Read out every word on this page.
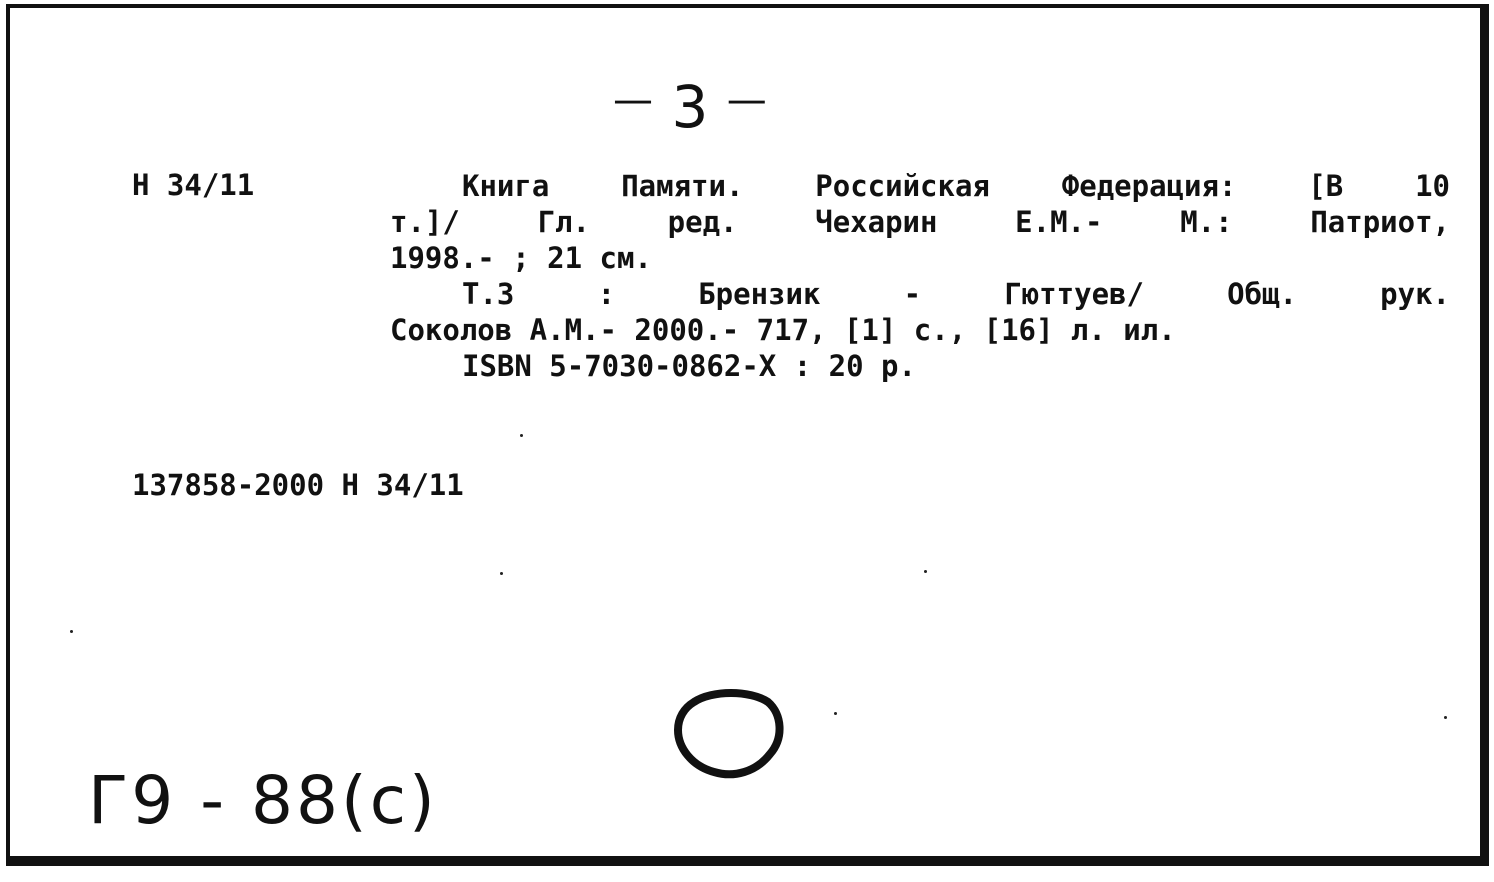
— 3 —
Н 34/11	Книга Памяти. Российская Федерация: [В 10

т.]/ Гл. ред. Чехарин Е.М.- М.: Патриот,

1998.- ; 21 см.

Т.3 : Брензик - Гюттуев/ Общ. рук.

Соколов А.М.- 2000.- 717, [1] с., [16] л. ил.

ISBN 5-7030-0862-X : 20 р.

137858-2000 Н 34/11
Г9 - 88(с)
